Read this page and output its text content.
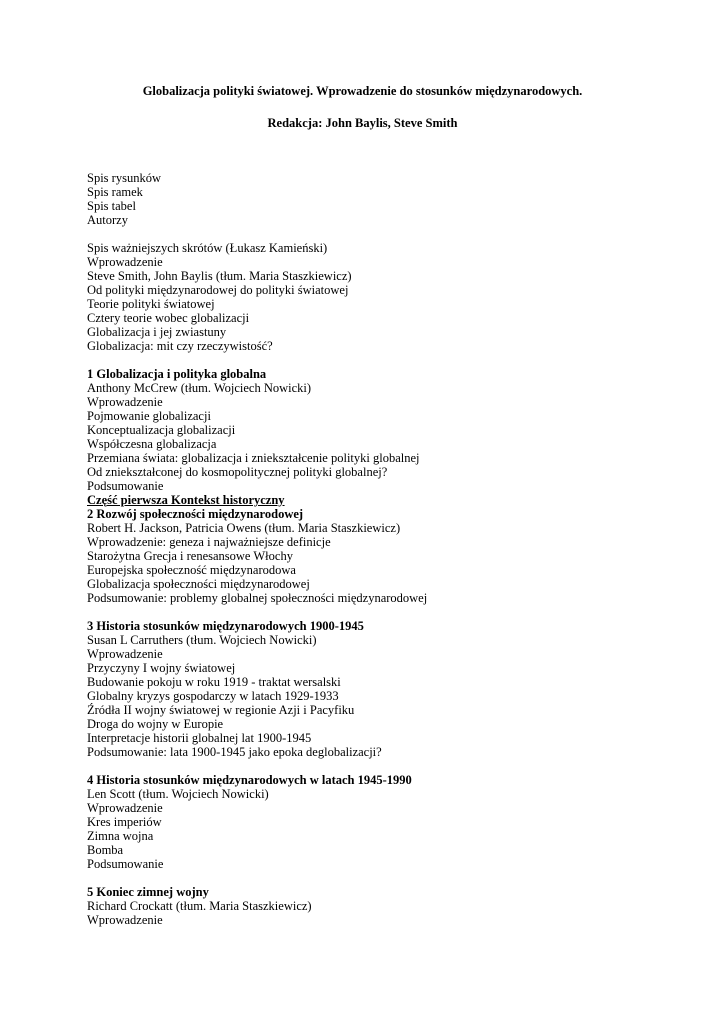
Globalizacja polityki światowej. Wprowadzenie do stosunków międzynarodowych.
Redakcja: John Baylis, Steve Smith
Spis rysunków
Spis ramek
Spis tabel
Autorzy
Spis ważniejszych skrótów (Łukasz Kamieński)
Wprowadzenie
Steve Smith, John Baylis (tłum. Maria Staszkiewicz)
Od polityki międzynarodowej do polityki światowej
Teorie polityki światowej
Cztery teorie wobec globalizacji
Globalizacja i jej zwiastuny
Globalizacja: mit czy rzeczywistość?
1 Globalizacja i polityka globalna
Anthony McCrew (tłum. Wojciech Nowicki)
Wprowadzenie
Pojmowanie globalizacji
Konceptualizacja globalizacji
Współczesna globalizacja
Przemiana świata: globalizacja i zniekształcenie polityki globalnej
Od zniekształconej do kosmopolitycznej polityki globalnej?
Podsumowanie
Część pierwsza Kontekst historyczny
2 Rozwój społeczności międzynarodowej
Robert H. Jackson, Patricia Owens (tłum. Maria Staszkiewicz)
Wprowadzenie: geneza i najważniejsze definicje
Starożytna Grecja i renesansowe Włochy
Europejska społeczność międzynarodowa
Globalizacja społeczności międzynarodowej
Podsumowanie: problemy globalnej społeczności międzynarodowej
3 Historia stosunków międzynarodowych 1900-1945
Susan L Carruthers (tłum. Wojciech Nowicki)
Wprowadzenie
Przyczyny I wojny światowej
Budowanie pokoju w roku 1919 - traktat wersalski
Globalny kryzys gospodarczy w latach 1929-1933
Źródła II wojny światowej w regionie Azji i Pacyfiku
Droga do wojny w Europie
Interpretacje historii globalnej lat 1900-1945
Podsumowanie: lata 1900-1945 jako epoka deglobalizacji?
4 Historia stosunków międzynarodowych w latach 1945-1990
Len Scott (tłum. Wojciech Nowicki)
Wprowadzenie
Kres imperiów
Zimna wojna
Bomba
Podsumowanie
5 Koniec zimnej wojny
Richard Crockatt (tłum. Maria Staszkiewicz)
Wprowadzenie
